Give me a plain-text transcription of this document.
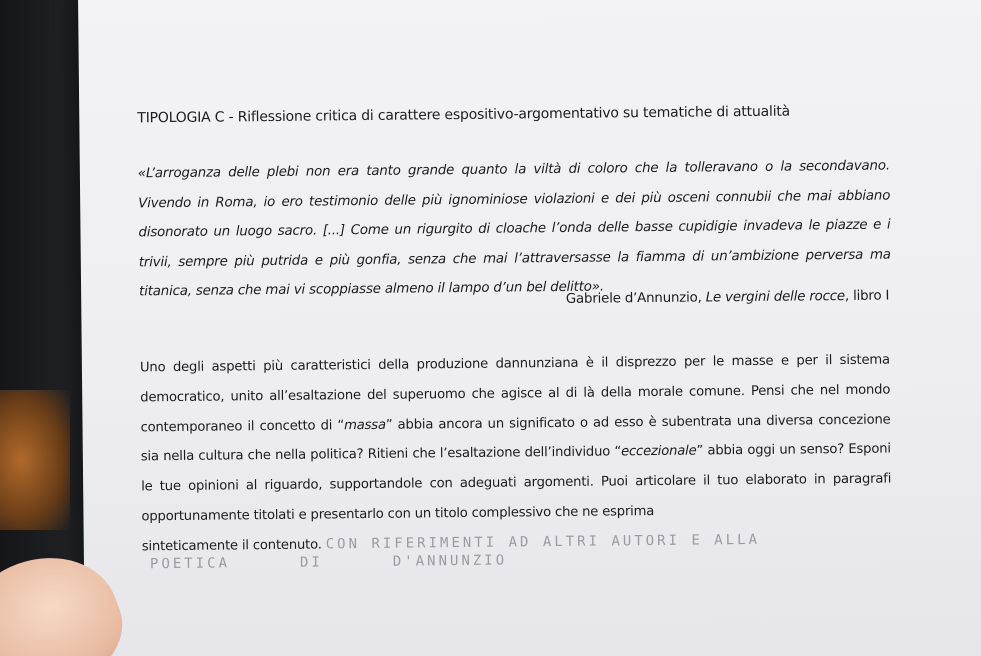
TIPOLOGIA C - Riflessione critica di carattere espositivo-argomentativo su tematiche di attualità
«L’arroganza delle plebi non era tanto grande quanto la viltà di coloro che la tolleravano o la secondavano. Vivendo in Roma, io ero testimonio delle più ignominiose violazioni e dei più osceni connubii che mai abbiano disonorato un luogo sacro. [...] Come un rigurgito di cloache l’onda delle basse cupidigie invadeva le piazze e i trivii, sempre più putrida e più gonfia, senza che mai l’attraversasse la fiamma di un’ambizione perversa ma titanica, senza che mai vi scoppiasse almeno il lampo d’un bel delitto».
Gabriele d’Annunzio, Le vergini delle rocce, libro I
Uno degli aspetti più caratteristici della produzione dannunziana è il disprezzo per le masse e per il sistema democratico, unito all’esaltazione del superuomo che agisce al di là della morale comune. Pensi che nel mondo contemporaneo il concetto di “massa” abbia ancora un significato o ad esso è subentrata una diversa concezione sia nella cultura che nella politica? Ritieni che l’esaltazione dell’individuo “eccezionale” abbia oggi un senso? Esponi le tue opinioni al riguardo, supportandole con adeguati argomenti. Puoi articolare il tuo elaborato in paragrafi opportunamente titolati e presentarlo con un titolo complessivo che ne esprima
sinteticamente il contenuto. CON RIFERIMENTI AD ALTRI AUTORI E ALLA
POETICA	DI	D'ANNUNZIO
